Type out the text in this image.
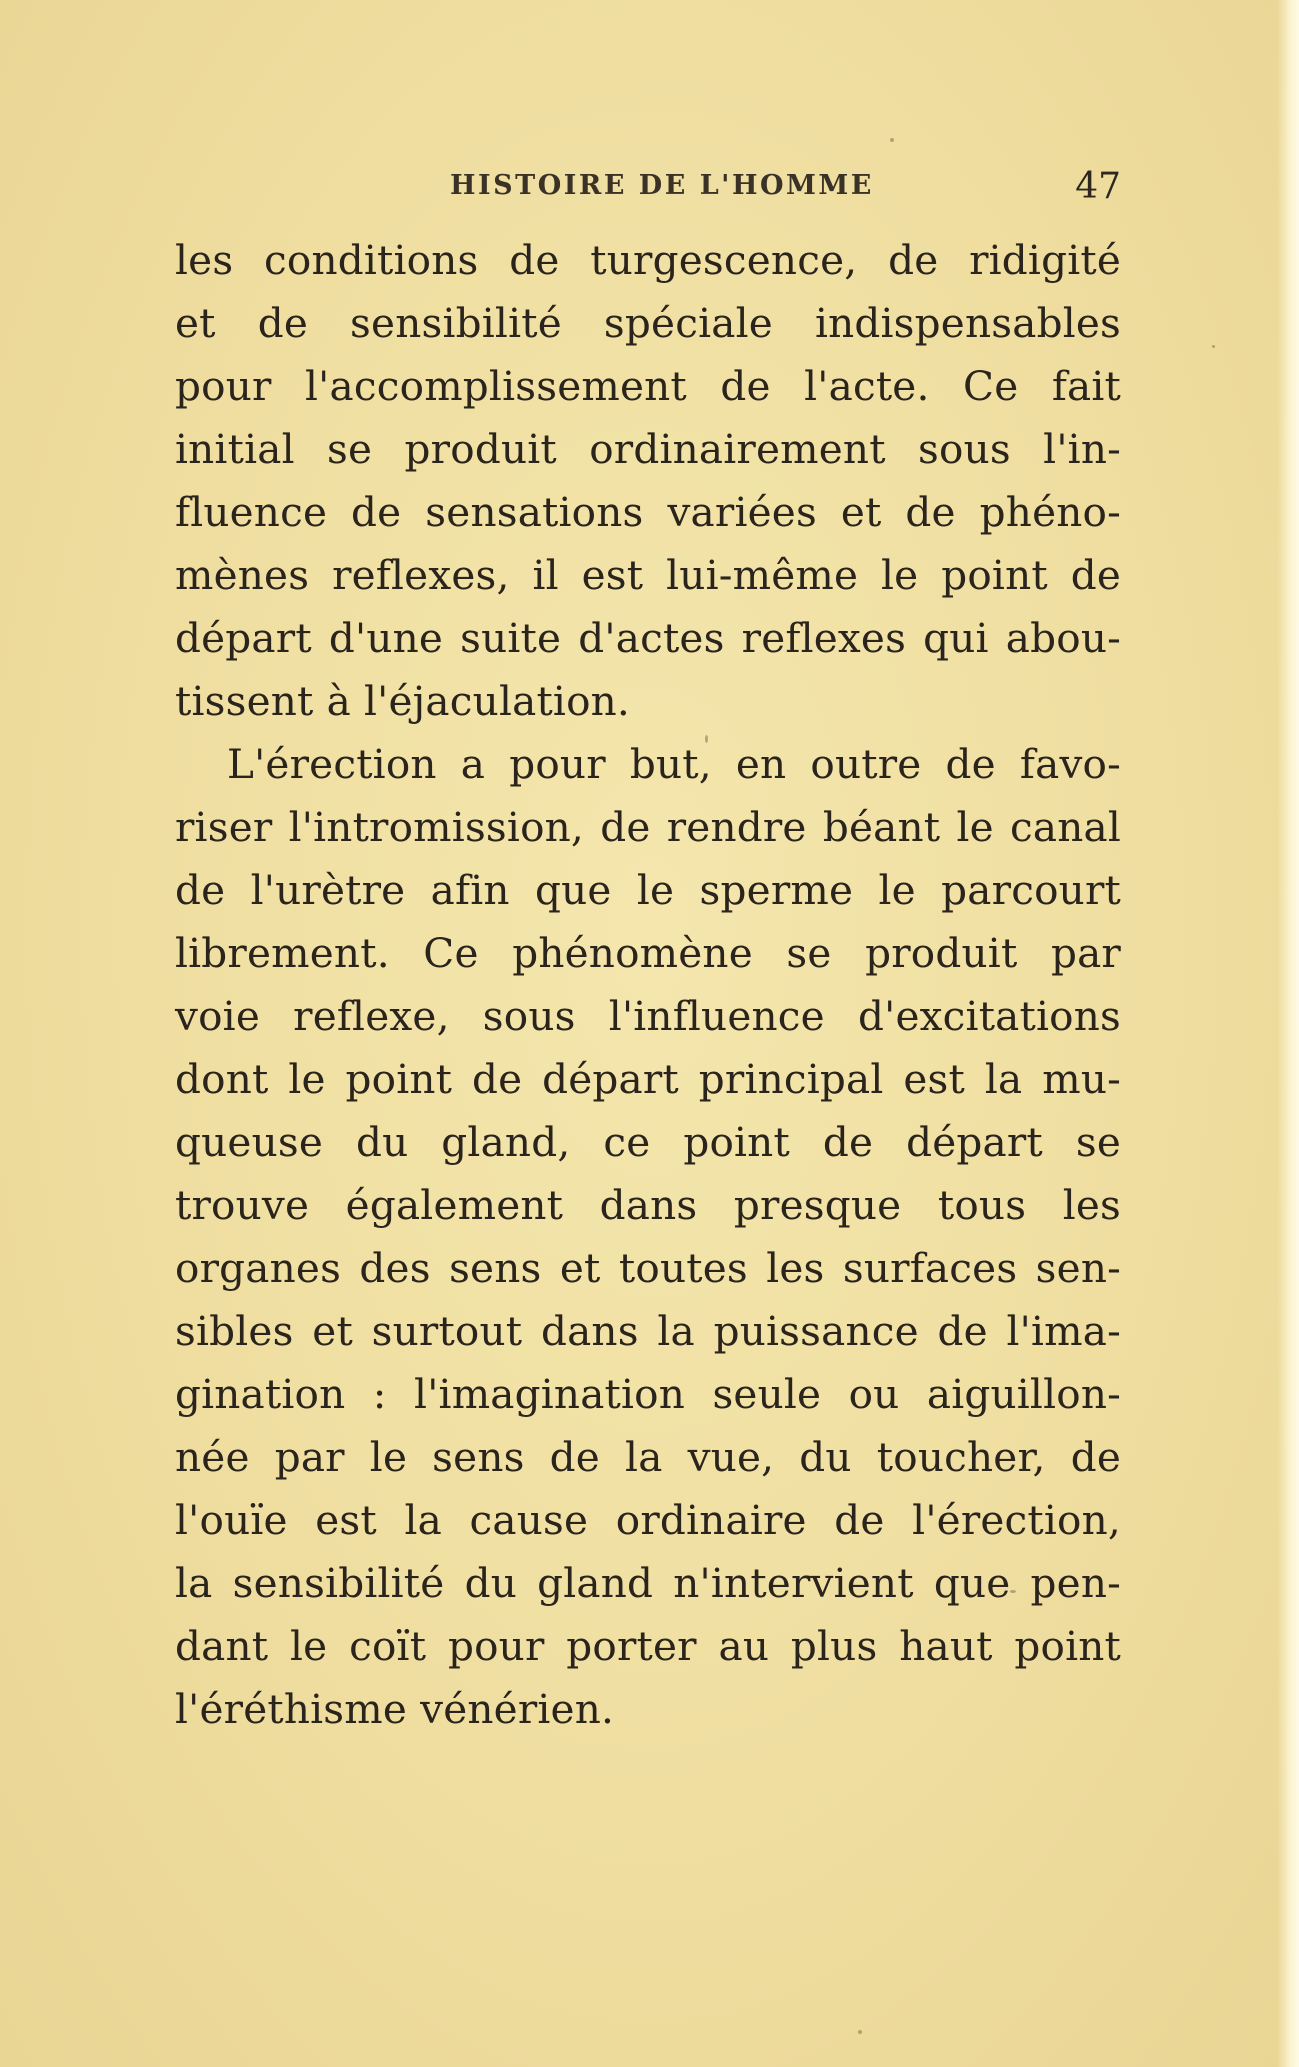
HISTOIRE DE L'HOMME	47
les conditions de turgescence, de ridigité
et de sensibilité spéciale indispensables
pour l'accomplissement de l'acte. Ce fait
initial se produit ordinairement sous l'in-
fluence de sensations variées et de phéno-
mènes reflexes, il est lui-même le point de
départ d'une suite d'actes reflexes qui abou-
tissent à l'éjaculation.
L'érection a pour but, en outre de favo-
riser l'intromission, de rendre béant le canal
de l'urètre afin que le sperme le parcourt
librement. Ce phénomène se produit par
voie reflexe, sous l'influence d'excitations
dont le point de départ principal est la mu-
queuse du gland, ce point de départ se
trouve également dans presque tous les
organes des sens et toutes les surfaces sen-
sibles et surtout dans la puissance de l'ima-
gination : l'imagination seule ou aiguillon-
née par le sens de la vue, du toucher, de
l'ouïe est la cause ordinaire de l'érection,
la sensibilité du gland n'intervient que pen-
dant le coït pour porter au plus haut point
l'éréthisme vénérien.
